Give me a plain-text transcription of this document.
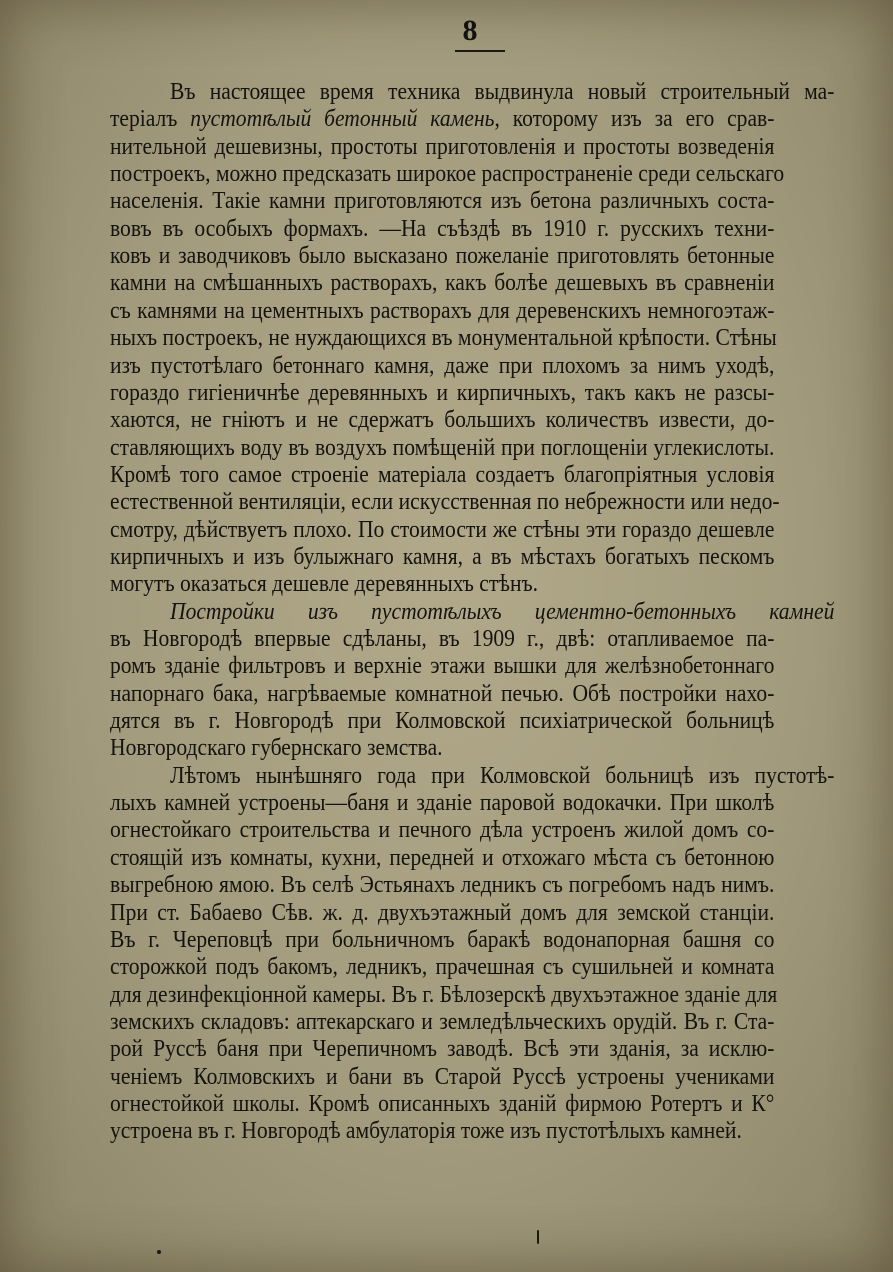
8
Въ настоящее время техника выдвинула новый строительный ма-
теріалъ пустотѣлый бетонный камень, которому изъ за его срав-
нительной дешевизны, простоты приготовленія и простоты возведенія
построекъ, можно предсказать широкое распространеніе среди сельскаго
населенія. Такіе камни приготовляются изъ бетона различныхъ соста-
вовъ въ особыхъ формахъ. —На съѣздѣ въ 1910 г. русскихъ техни-
ковъ и заводчиковъ было высказано пожеланіе приготовлять бетонные
камни на смѣшанныхъ растворахъ, какъ болѣе дешевыхъ въ сравненіи
съ камнями на цементныхъ растворахъ для деревенскихъ немногоэтаж-
ныхъ построекъ, не нуждающихся въ монументальной крѣпости. Стѣны
изъ пустотѣлаго бетоннаго камня, даже при плохомъ за нимъ уходѣ,
гораздо гигіеничнѣе деревянныхъ и кирпичныхъ, такъ какъ не разсы-
хаются, не гніютъ и не сдержатъ большихъ количествъ извести, до-
ставляющихъ воду въ воздухъ помѣщеній при поглощеніи углекислоты.
Кромѣ того самое строеніе матеріала создаетъ благопріятныя условія
естественной вентиляціи, если искусственная по небрежности или недо-
смотру, дѣйствуетъ плохо. По стоимости же стѣны эти гораздо дешевле
кирпичныхъ и изъ булыжнаго камня, а въ мѣстахъ богатыхъ пескомъ
могутъ оказаться дешевле деревянныхъ стѣнъ.
Постройки изъ пустотѣлыхъ цементно-бетонныхъ камней
въ Новгородѣ впервые сдѣланы, въ 1909 г., двѣ: отапливаемое па-
ромъ зданіе фильтровъ и верхніе этажи вышки для желѣзнобетоннаго
напорнаго бака, нагрѣваемые комнатной печью. Обѣ постройки нахо-
дятся въ г. Новгородѣ при Колмовской психіатрической больницѣ
Новгородскаго губернскаго земства.
Лѣтомъ нынѣшняго года при Колмовской больницѣ изъ пустотѣ-
лыхъ камней устроены—баня и зданіе паровой водокачки. При школѣ
огнестойкаго строительства и печного дѣла устроенъ жилой домъ со-
стоящій изъ комнаты, кухни, передней и отхожаго мѣста съ бетонною
выгребною ямою. Въ селѣ Эстьянахъ ледникъ съ погребомъ надъ нимъ.
При ст. Бабаево Сѣв. ж. д. двухъэтажный домъ для земской станціи.
Въ г. Череповцѣ при больничномъ баракѣ водонапорная башня со
сторожкой подъ бакомъ, ледникъ, прачешная съ сушильней и комната
для дезинфекціонной камеры. Въ г. Бѣлозерскѣ двухъэтажное зданіе для
земскихъ складовъ: аптекарскаго и земледѣльческихъ орудій. Въ г. Ста-
рой Руссѣ баня при Черепичномъ заводѣ. Всѣ эти зданія, за исклю-
ченіемъ Колмовскихъ и бани въ Старой Руссѣ устроены учениками
огнестойкой школы. Кромѣ описанныхъ зданій фирмою Ротертъ и К°
устроена въ г. Новгородѣ амбулаторія тоже изъ пустотѣлыхъ камней.
